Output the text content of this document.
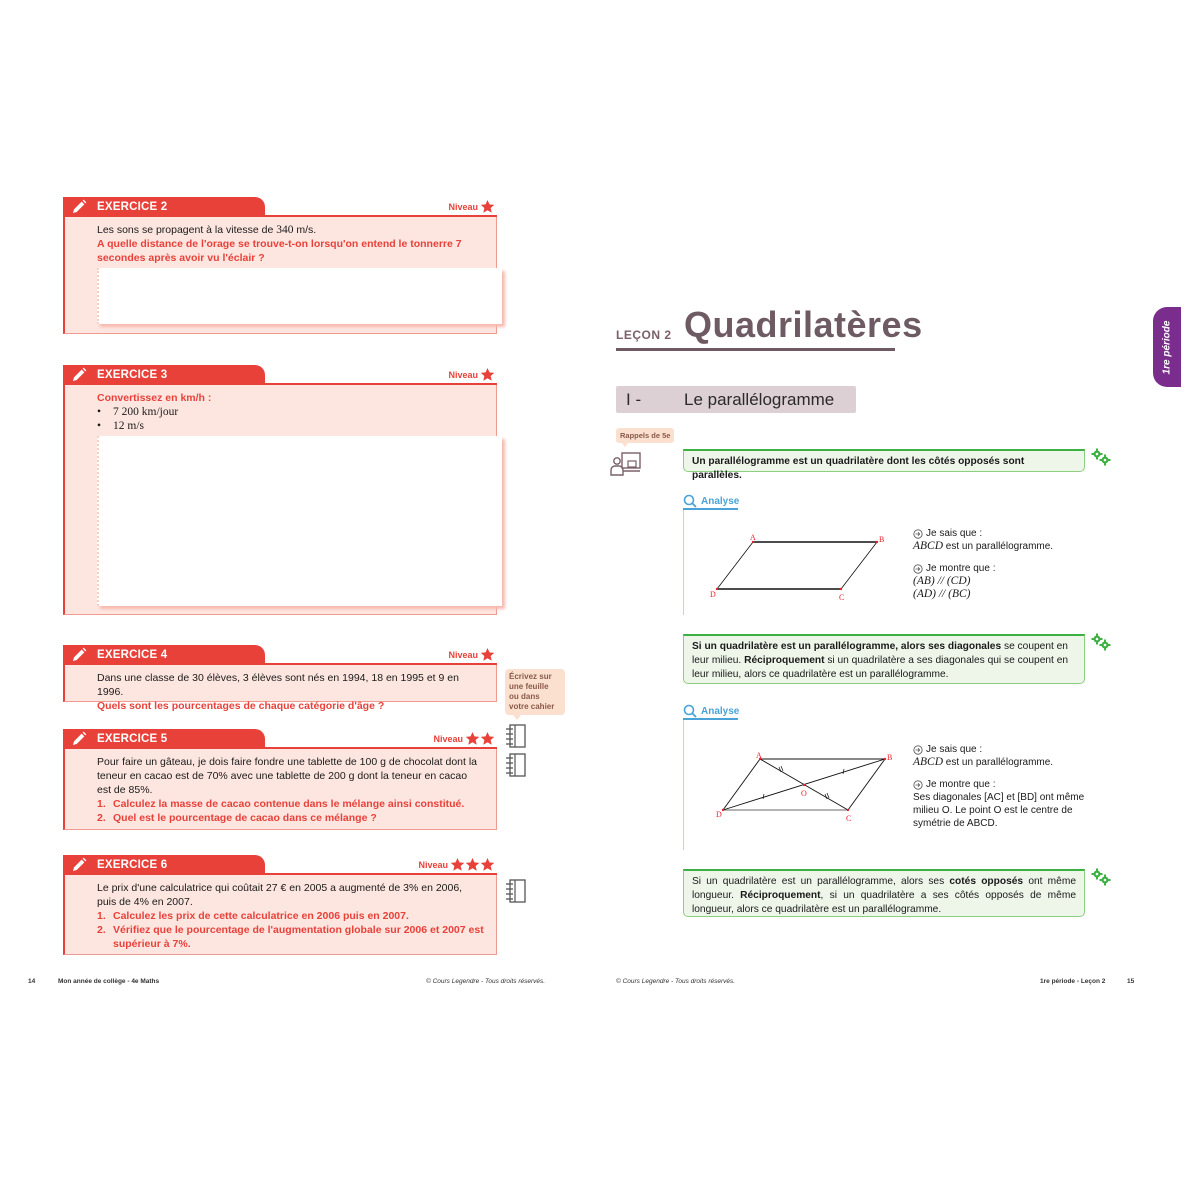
EXERCICE 2	Niveau
Les sons se propagent à la vitesse de 340 m/s.
A quelle distance de l'orage se trouve-t-on lorsqu'on entend le tonnerre 7 secondes après avoir vu l'éclair ?
EXERCICE 3	Niveau
Convertissez en km/h :
• 7 200 km/jour
• 12 m/s
EXERCICE 4	Niveau
Dans une classe de 30 élèves, 3 élèves sont nés en 1994, 18 en 1995 et 9 en 1996.
Quels sont les pourcentages de chaque catégorie d'âge ?
Écrivez sur
une feuille
ou dans
votre cahier
EXERCICE 5	Niveau
Pour faire un gâteau, je dois faire fondre une tablette de 100 g de chocolat dont la teneur en cacao est de 70% avec une tablette de 200 g dont la teneur en cacao est de 85%.
1. Calculez la masse de cacao contenue dans le mélange ainsi constitué.
2. Quel est le pourcentage de cacao dans ce mélange ?
EXERCICE 6	Niveau
Le prix d'une calculatrice qui coûtait 27 € en 2005 a augmenté de 3% en 2006, puis de 4% en 2007.
1. Calculez les prix de cette calculatrice en 2006 puis en 2007.
2. Vérifiez que le pourcentage de l'augmentation globale sur 2006 et 2007 est supérieur à 7%.
14	Mon année de collège - 4e Maths	© Cours Legendre - Tous droits réservés.
LEÇON 2 Quadrilatères	1re période
I -	Le parallélogramme
Rappels de 5e
Un parallélogramme est un quadrilatère dont les côtés opposés sont parallèles.
Analyse
A	B
C
D
Je sais que :
ABCD est un parallélogramme.
Je montre que :
(AB) // (CD)
(AD) // (BC)
Si un quadrilatère est un parallélogramme, alors ses diagonales se coupent en leur milieu. Réciproquement si un quadrilatère a ses diagonales qui se coupent en leur milieu, alors ce quadrilatère est un parallélogramme.
Analyse
A	B
C
D
O
Je sais que :
ABCD est un parallélogramme.
Je montre que :
Ses diagonales [AC] et [BD] ont même milieu O. Le point O est le centre de symétrie de ABCD.
Si un quadrilatère est un parallélogramme, alors ses cotés opposés ont même longueur. Réciproquement, si un quadrilatère a ses côtés opposés de même longueur, alors ce quadrilatère est un parallélogramme.
© Cours Legendre - Tous droits réservés.	1re période - Leçon 2	15
